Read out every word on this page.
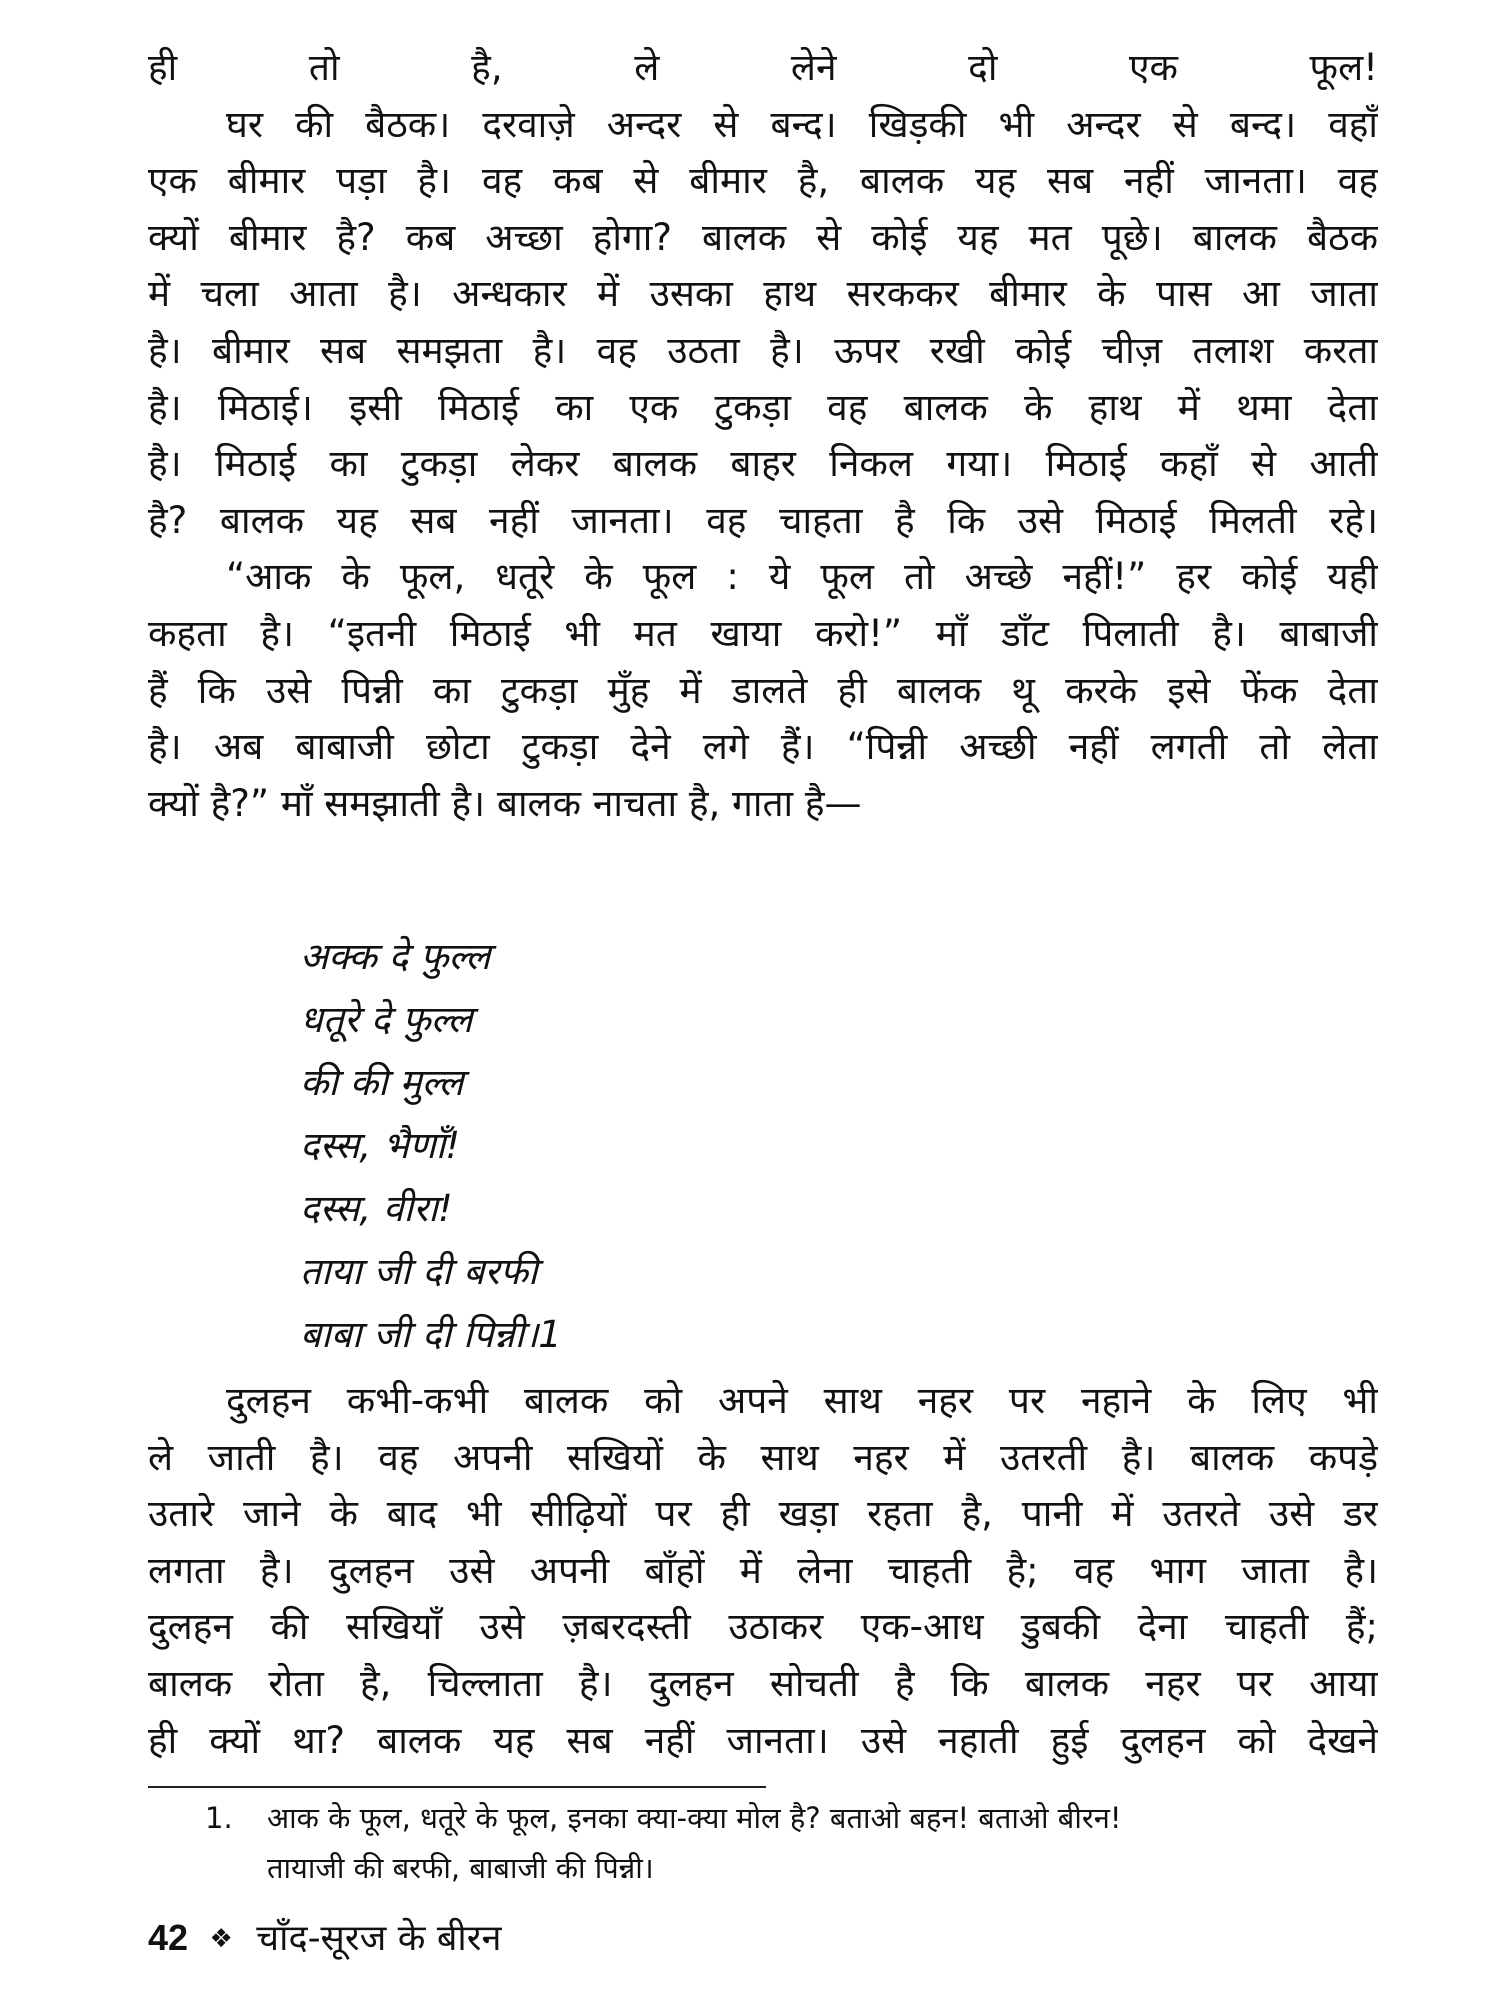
ही तो है, ले लेने दो एक फूल!
घर की बैठक। दरवाज़े अन्दर से बन्द। खिड़की भी अन्दर से बन्द। वहाँ
एक बीमार पड़ा है। वह कब से बीमार है, बालक यह सब नहीं जानता। वह
क्यों बीमार है? कब अच्छा होगा? बालक से कोई यह मत पूछे। बालक बैठक
में चला आता है। अन्धकार में उसका हाथ सरककर बीमार के पास आ जाता
है। बीमार सब समझता है। वह उठता है। ऊपर रखी कोई चीज़ तलाश करता
है। मिठाई। इसी मिठाई का एक टुकड़ा वह बालक के हाथ में थमा देता
है। मिठाई का टुकड़ा लेकर बालक बाहर निकल गया। मिठाई कहाँ से आती
है? बालक यह सब नहीं जानता। वह चाहता है कि उसे मिठाई मिलती रहे।
“आक के फूल, धतूरे के फूल : ये फूल तो अच्छे नहीं!” हर कोई यही
कहता है। “इतनी मिठाई भी मत खाया करो!” माँ डाँट पिलाती है। बाबाजी
हैं कि उसे पिन्नी का टुकड़ा मुँह में डालते ही बालक थू करके इसे फेंक देता
है। अब बाबाजी छोटा टुकड़ा देने लगे हैं। “पिन्नी अच्छी नहीं लगती तो लेता
क्यों है?” माँ समझाती है। बालक नाचता है, गाता है—
अक्क दे फुल्ल
धतूरे दे फुल्ल
की की मुल्ल
दस्स, भैणाँ!
दस्स, वीरा!
ताया जी दी बरफी
बाबा जी दी पिन्नी।1
दुलहन कभी-कभी बालक को अपने साथ नहर पर नहाने के लिए भी
ले जाती है। वह अपनी सखियों के साथ नहर में उतरती है। बालक कपड़े
उतारे जाने के बाद भी सीढ़ियों पर ही खड़ा रहता है, पानी में उतरते उसे डर
लगता है। दुलहन उसे अपनी बाँहों में लेना चाहती है; वह भाग जाता है।
दुलहन की सखियाँ उसे ज़बरदस्ती उठाकर एक-आध डुबकी देना चाहती हैं;
बालक रोता है, चिल्लाता है। दुलहन सोचती है कि बालक नहर पर आया
ही क्यों था? बालक यह सब नहीं जानता। उसे नहाती हुई दुलहन को देखने
1. आक के फूल, धतूरे के फूल, इनका क्या-क्या मोल है? बताओ बहन! बताओ बीरन!
तायाजी की बरफी, बाबाजी की पिन्नी।
42 ❖ चाँद-सूरज के बीरन
